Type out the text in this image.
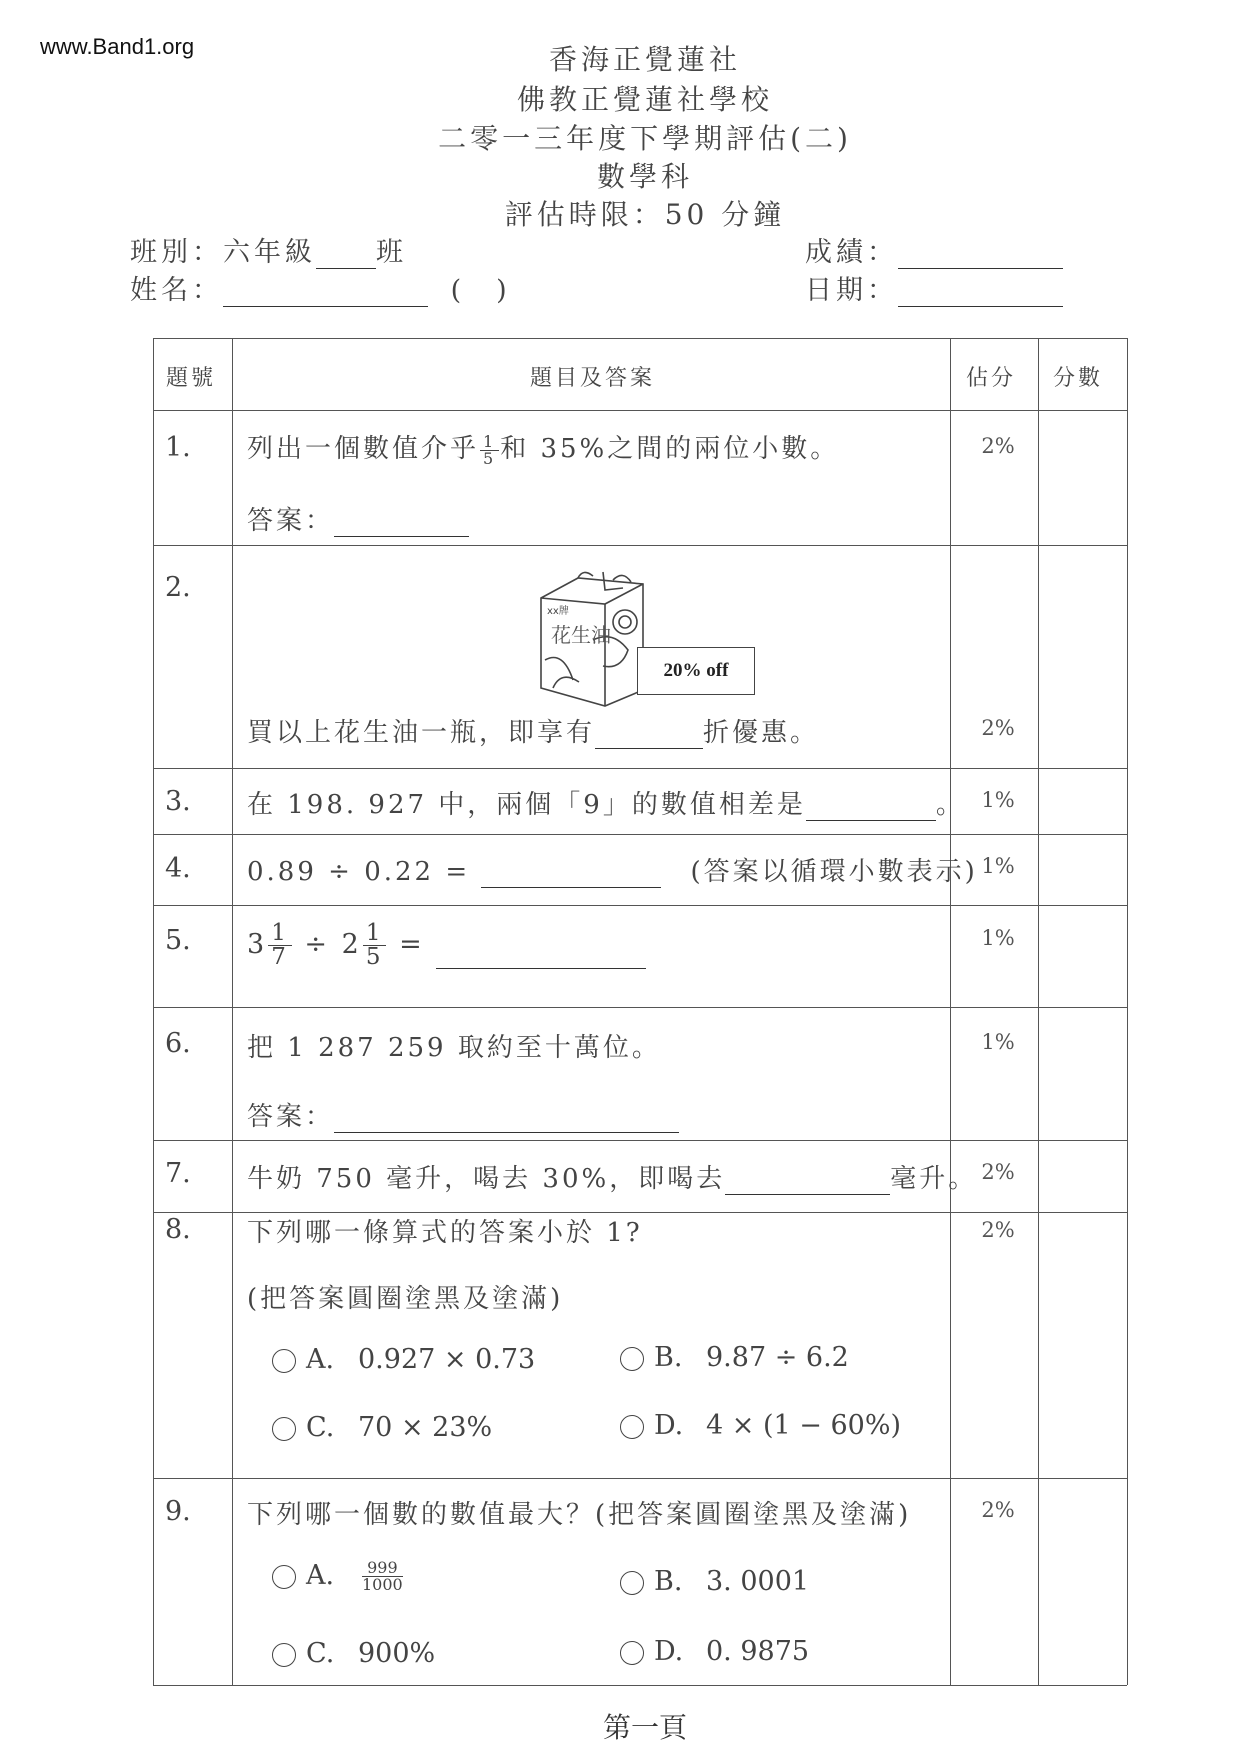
www.Band1.org	香海正覺蓮社
佛教正覺蓮社學校
二零一三年度下學期評估(二)
數學科
評估時限：50 分鐘
班別：六年級 班
姓名：	(　)
成績：
日期：
題號	題目及答案	佔分 分數
1. 列出一個數值介乎 $\frac{1}{5}$ 和 35%之間的兩位小數。
答案：
2%
2.
xx牌
花生油
20% off
買以上花生油一瓶，即享有	折優惠。	2%
3. 在 198. 927 中，兩個「9」的數值相差是	。 1%
4. 0.89 ÷ 0.22 = 　	(答案以循環小數表示) 1%
5. $3 \frac{1}{7} \div 2 \frac{1}{5}$ =	1%
6. 把 1 287 259 取約至十萬位。
答案：
1%
7. 牛奶 750 毫升，喝去 30%，即喝去	毫升。 2%
8. 下列哪一條算式的答案小於 1?
(把答案圓圈塗黑及塗滿)
2%
A. 0.927 × 0.73	B. 9.87 ÷ 6.2
C. 70 × 23%	D. 4 × (1 − 60%)
9. 下列哪一個數的數值最大？(把答案圓圈塗黑及塗滿)	2%
A. $\frac{999}{1000}$	B. 3. 0001
C. 900%	D. 0. 9875
第一頁
